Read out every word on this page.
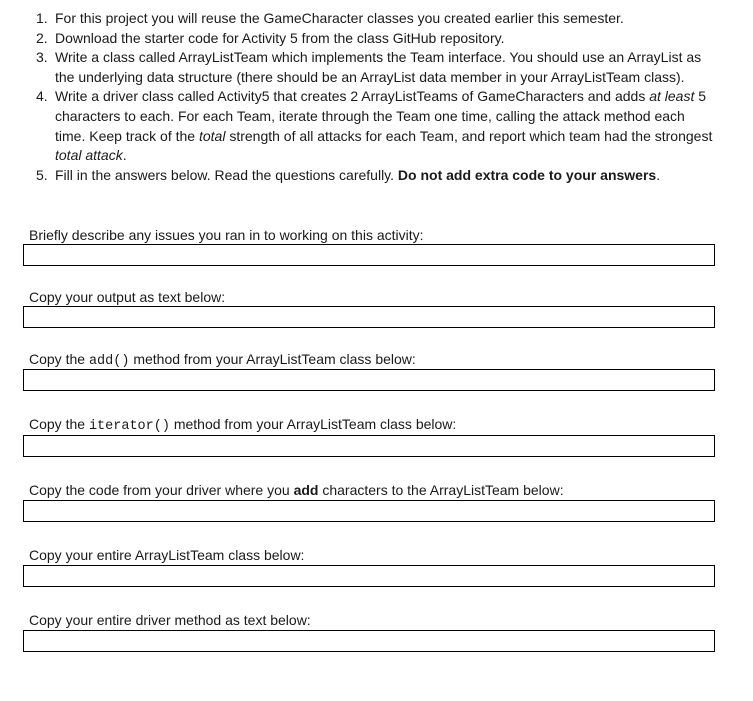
1. For this project you will reuse the GameCharacter classes you created earlier this semester.
2. Download the starter code for Activity 5 from the class GitHub repository.
3. Write a class called ArrayListTeam which implements the Team interface. You should use an ArrayList as the underlying data structure (there should be an ArrayList data member in your ArrayListTeam class).
4. Write a driver class called Activity5 that creates 2 ArrayListTeams of GameCharacters and adds at least 5 characters to each. For each Team, iterate through the Team one time, calling the attack method each time. Keep track of the total strength of all attacks for each Team, and report which team had the strongest total attack.
5. Fill in the answers below. Read the questions carefully. Do not add extra code to your answers.
Briefly describe any issues you ran in to working on this activity:
Copy your output as text below:
Copy the add() method from your ArrayListTeam class below:
Copy the iterator() method from your ArrayListTeam class below:
Copy the code from your driver where you add characters to the ArrayListTeam below:
Copy your entire ArrayListTeam class below:
Copy your entire driver method as text below:
